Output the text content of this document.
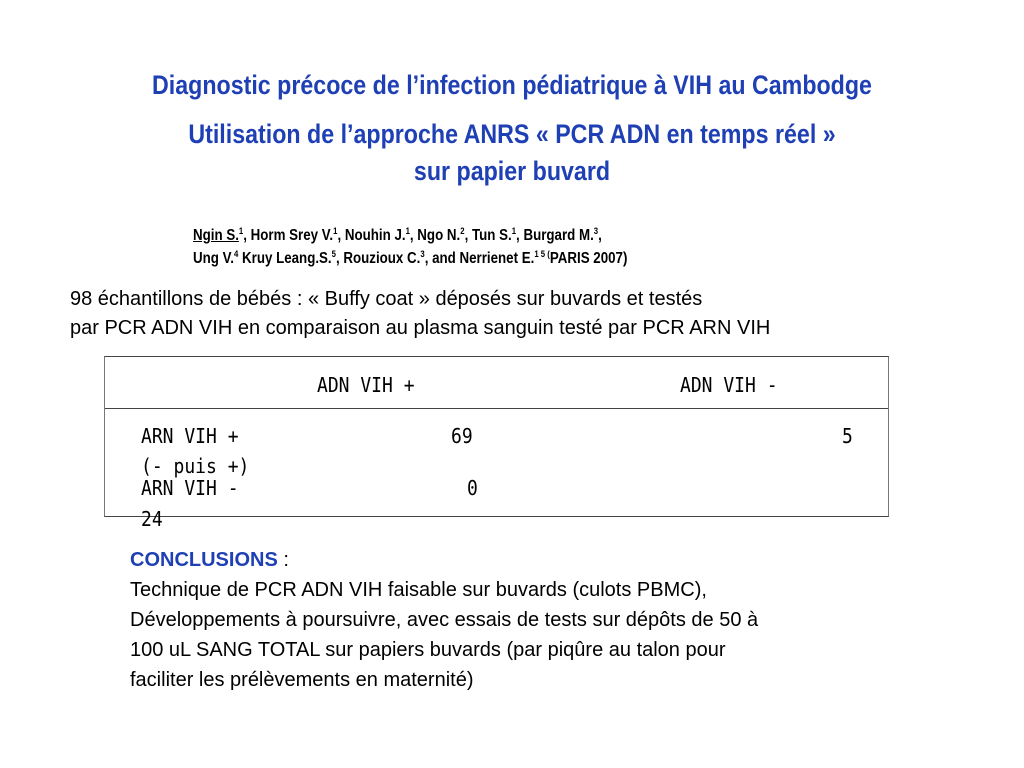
Diagnostic précoce de l’infection pédiatrique à VIH au Cambodge
Utilisation de l’approche ANRS « PCR ADN en temps réel »
sur papier buvard
Ngin S.$^1$, Horm Srey V.$^1$, Nouhin J.$^1$, Ngo N.$^2$, Tun S.$^1$, Burgard M.$^3$,
Ung V.$^4$ Kruy Leang.S.$^5$, Rouzioux C.$^3$, and Nerrienet E.$^{1 5 (}$PARIS 2007)
98 échantillons de bébés : « Buffy coat » déposés sur buvards et testés
par PCR ADN VIH en comparaison au plasma sanguin testé par PCR ARN VIH
ADN VIH +	ADN VIH -
ARN VIH +
(- puis +)
69	5
ARN VIH -
24
0
CONCLUSIONS :
Technique de PCR ADN VIH faisable sur buvards (culots PBMC),
Développements à poursuivre, avec essais de tests sur dépôts de 50 à
100 uL SANG TOTAL sur papiers buvards (par piqûre au talon pour
faciliter les prélèvements en maternité)
